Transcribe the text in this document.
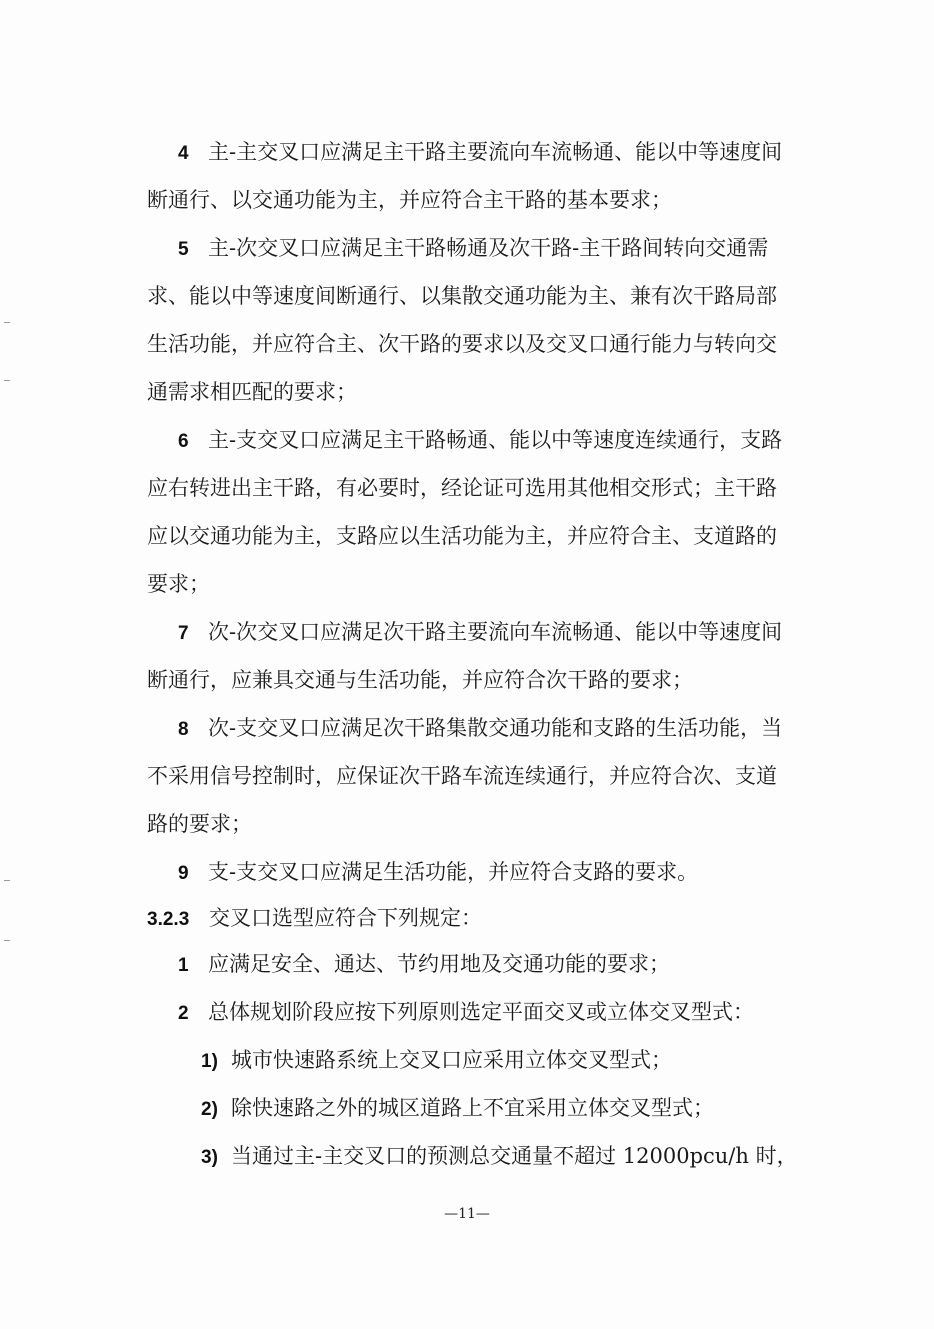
4 主-主交叉口应满足主干路主要流向车流畅通、能以中等速度间
断通行、以交通功能为主，并应符合主干路的基本要求；
5 主-次交叉口应满足主干路畅通及次干路-主干路间转向交通需
求、能以中等速度间断通行、以集散交通功能为主、兼有次干路局部
生活功能，并应符合主、次干路的要求以及交叉口通行能力与转向交
通需求相匹配的要求；
6 主-支交叉口应满足主干路畅通、能以中等速度连续通行，支路
应右转进出主干路，有必要时，经论证可选用其他相交形式；主干路
应以交通功能为主，支路应以生活功能为主，并应符合主、支道路的
要求；
7 次-次交叉口应满足次干路主要流向车流畅通、能以中等速度间
断通行，应兼具交通与生活功能，并应符合次干路的要求；
8 次-支交叉口应满足次干路集散交通功能和支路的生活功能，当
不采用信号控制时，应保证次干路车流连续通行，并应符合次、支道
路的要求；
9 支-支交叉口应满足生活功能，并应符合支路的要求。
3.2.3 交叉口选型应符合下列规定：
1 应满足安全、通达、节约用地及交通功能的要求；
2 总体规划阶段应按下列原则选定平面交叉或立体交叉型式：
1) 城市快速路系统上交叉口应采用立体交叉型式；
2) 除快速路之外的城区道路上不宜采用立体交叉型式；
3) 当通过主-主交叉口的预测总交通量不超过 12000pcu/h 时，
—11—
